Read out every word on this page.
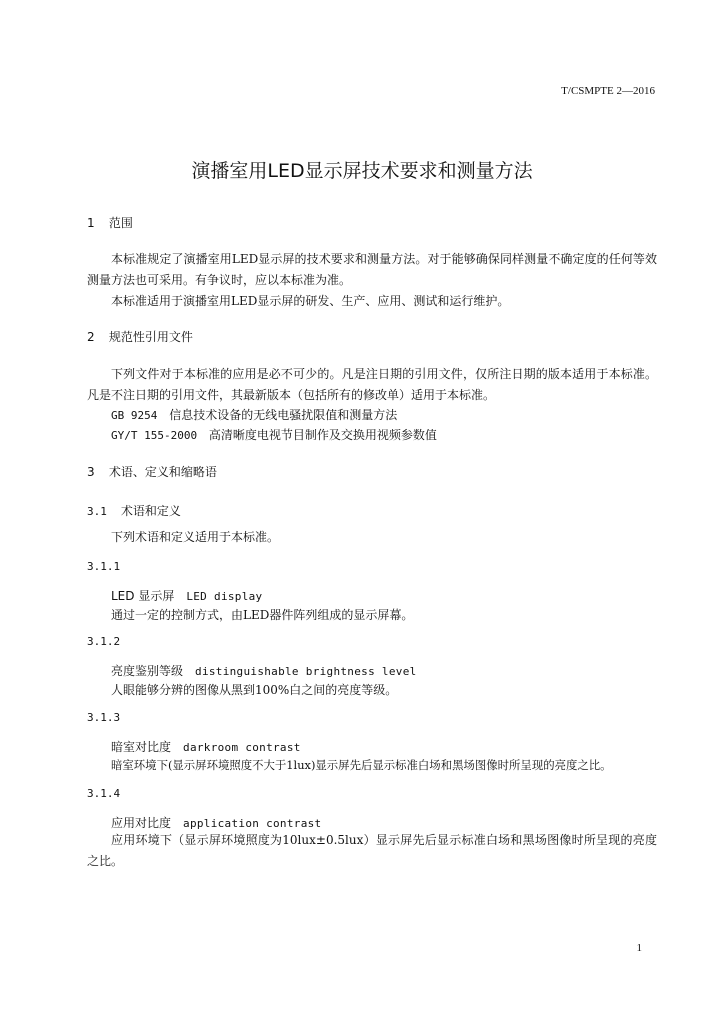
T/CSMPTE 2—2016
演播室用LED显示屏技术要求和测量方法
1 范围
本标准规定了演播室用LED显示屏的技术要求和测量方法。对于能够确保同样测量不确定度的任何等效测量方法也可采用。有争议时，应以本标准为准。
本标准适用于演播室用LED显示屏的研发、生产、应用、测试和运行维护。
2 规范性引用文件
下列文件对于本标准的应用是必不可少的。凡是注日期的引用文件，仅所注日期的版本适用于本标准。凡是不注日期的引用文件，其最新版本（包括所有的修改单）适用于本标准。
GB 9254 信息技术设备的无线电骚扰限值和测量方法
GY/T 155-2000 高清晰度电视节目制作及交换用视频参数值
3 术语、定义和缩略语
3.1 术语和定义
下列术语和定义适用于本标准。
3.1.1
LED 显示屏 LED display
通过一定的控制方式，由LED器件阵列组成的显示屏幕。
3.1.2
亮度鉴别等级 distinguishable brightness level
人眼能够分辨的图像从黑到100%白之间的亮度等级。
3.1.3
暗室对比度 darkroom contrast
暗室环境下(显示屏环境照度不大于1lux)显示屏先后显示标准白场和黑场图像时所呈现的亮度之比。
3.1.4
应用对比度 application contrast
应用环境下（显示屏环境照度为10lux±0.5lux）显示屏先后显示标准白场和黑场图像时所呈现的亮度之比。
1
